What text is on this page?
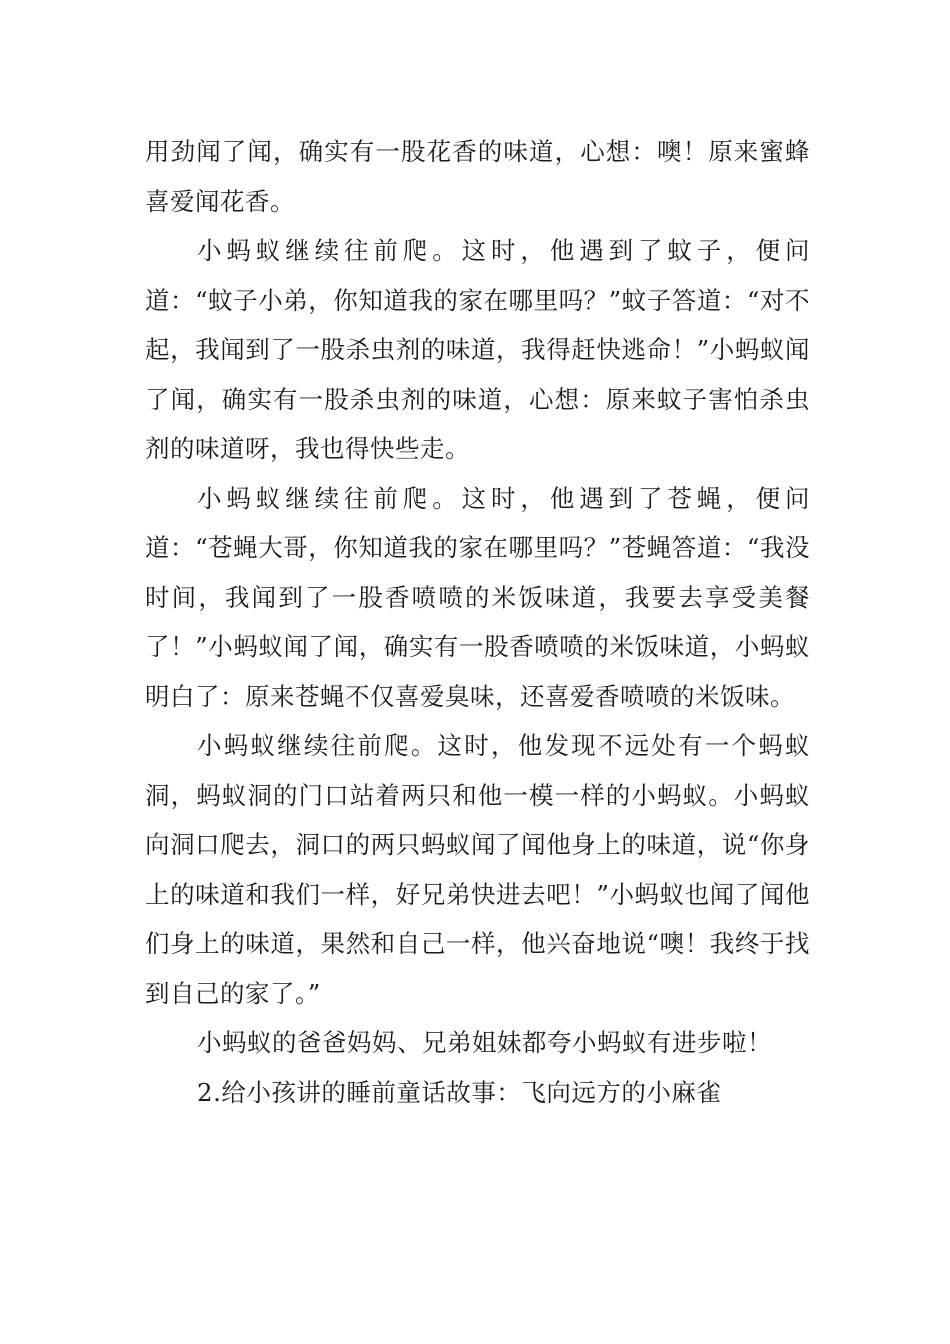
用劲闻了闻，确实有一股花香的味道，心想：噢！原来蜜蜂喜爱闻花香。

小蚂蚁继续往前爬。这时，他遇到了蚊子，便问道：“蚊子小弟，你知道我的家在哪里吗？”蚊子答道：“对不起，我闻到了一股杀虫剂的味道，我得赶快逃命！”小蚂蚁闻了闻，确实有一股杀虫剂的味道，心想：原来蚊子害怕杀虫剂的味道呀，我也得快些走。

小蚂蚁继续往前爬。这时，他遇到了苍蝇，便问道：“苍蝇大哥，你知道我的家在哪里吗？”苍蝇答道：“我没时间，我闻到了一股香喷喷的米饭味道，我要去享受美餐了！”小蚂蚁闻了闻，确实有一股香喷喷的米饭味道，小蚂蚁明白了：原来苍蝇不仅喜爱臭味，还喜爱香喷喷的米饭味。

小蚂蚁继续往前爬。这时，他发现不远处有一个蚂蚁洞，蚂蚁洞的门口站着两只和他一模一样的小蚂蚁。小蚂蚁向洞口爬去，洞口的两只蚂蚁闻了闻他身上的味道，说“你身上的味道和我们一样，好兄弟快进去吧！”小蚂蚁也闻了闻他们身上的味道，果然和自己一样，他兴奋地说“噢！我终于找到自己的家了。”

小蚂蚁的爸爸妈妈、兄弟姐妹都夸小蚂蚁有进步啦！

2.给小孩讲的睡前童话故事：飞向远方的小麻雀
